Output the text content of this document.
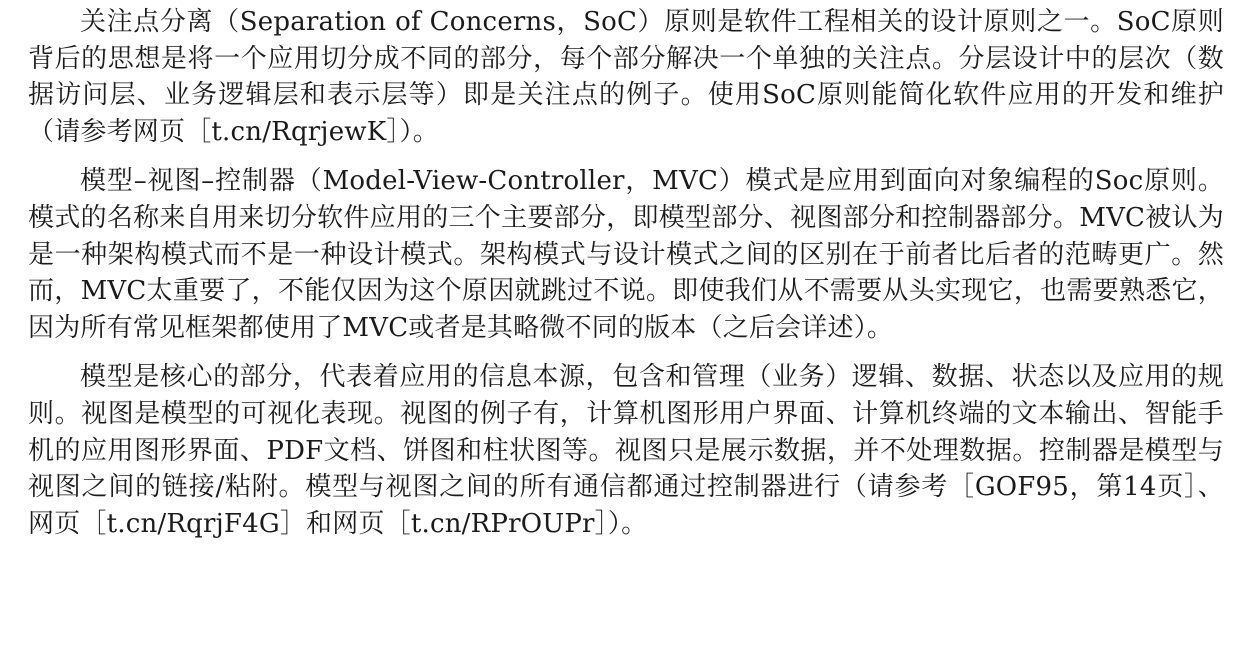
关注点分离（Separation of Concerns，SoC）原则是软件工程相关的设计原则之一。SoC原则背后的思想是将一个应用切分成不同的部分，每个部分解决一个单独的关注点。分层设计中的层次（数据访问层、业务逻辑层和表示层等）即是关注点的例子。使用SoC原则能简化软件应用的开发和维护（请参考网页［t.cn/RqrjewK］）。

模型–视图–控制器（Model-View-Controller，MVC）模式是应用到面向对象编程的Soc原则。模式的名称来自用来切分软件应用的三个主要部分，即模型部分、视图部分和控制器部分。MVC被认为是一种架构模式而不是一种设计模式。架构模式与设计模式之间的区别在于前者比后者的范畴更广。然而，MVC太重要了，不能仅因为这个原因就跳过不说。即使我们从不需要从头实现它，也需要熟悉它，因为所有常见框架都使用了MVC或者是其略微不同的版本（之后会详述）。

模型是核心的部分，代表着应用的信息本源，包含和管理（业务）逻辑、数据、状态以及应用的规则。视图是模型的可视化表现。视图的例子有，计算机图形用户界面、计算机终端的文本输出、智能手机的应用图形界面、PDF文档、饼图和柱状图等。视图只是展示数据，并不处理数据。控制器是模型与视图之间的链接/粘附。模型与视图之间的所有通信都通过控制器进行（请参考［GOF95，第14页］、网页［t.cn/RqrjF4G］和网页［t.cn/RPrOUPr］）。
